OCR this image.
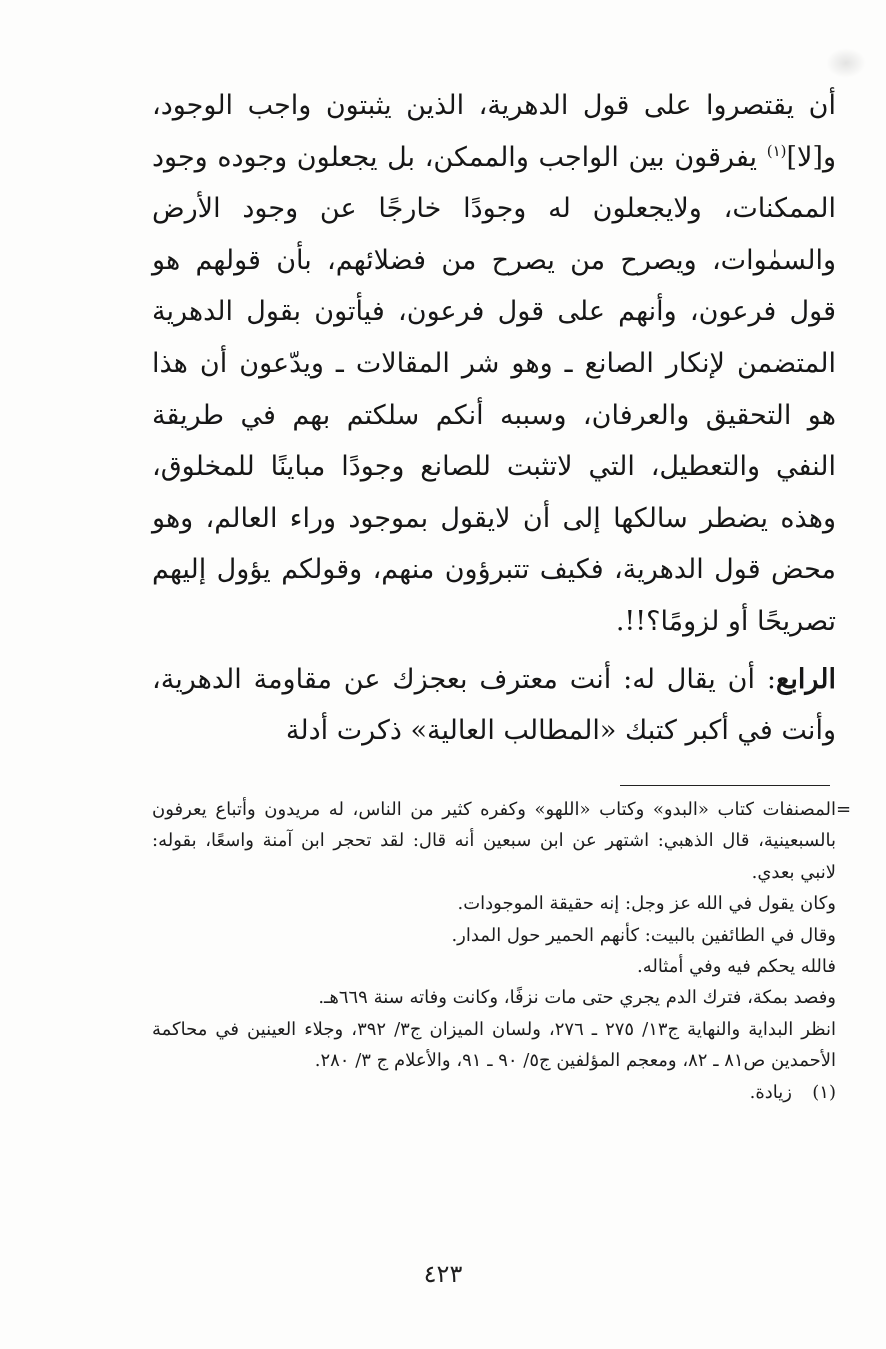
أن يقتصروا على قول الدهرية، الذين يثبتون واجب الوجود، و[لا]$^{(١)}$ يفرقون بين الواجب والممكن، بل يجعلون وجوده وجود الممكنات، ولايجعلون له وجودًا خارجًا عن وجود الأرض والسمٰوات، ويصرح من يصرح من فضلائهم، بأن قولهم هو قول فرعون، وأنهم على قول فرعون، فيأتون بقول الدهرية المتضمن لإنكار الصانع ـ وهو شر المقالات ـ ويدّعون أن هذا هو التحقيق والعرفان، وسببه أنكم سلكتم بهم في طريقة النفي والتعطيل، التي لاتثبت للصانع وجودًا مباينًا للمخلوق، وهذه يضطر سالكها إلى أن لايقول بموجود وراء العالم، وهو محض قول الدهرية، فكيف تتبرؤون منهم، وقولكم يؤول إليهم تصريحًا أو لزومًا؟!!.

الرابع: أن يقال له: أنت معترف بعجزك عن مقاومة الدهرية، وأنت في أكبر كتبك «المطالب العالية» ذكرت أدلة

=

المصنفات كتاب «البدو» وكتاب «اللهو» وكفره كثير من الناس، له مريدون وأتباع يعرفون بالسبعينية، قال الذهبي: اشتهر عن ابن سبعين أنه قال: لقد تحجر ابن آمنة واسعًا، بقوله: لانبي بعدي.

وكان يقول في الله عز وجل: إنه حقيقة الموجودات.

وقال في الطائفين بالبيت: كأنهم الحمير حول المدار.

فالله يحكم فيه وفي أمثاله.

وفصد بمكة، فترك الدم يجري حتى مات نزفًا، وكانت وفاته سنة ٦٦٩هـ.

انظر البداية والنهاية ج١٣/ ٢٧٥ ـ ٢٧٦، ولسان الميزان ج٣/ ٣٩٢، وجلاء العينين في محاكمة الأحمدين ص٨١ ـ ٨٢، ومعجم المؤلفين ج٥/ ٩٠ ـ ٩١، والأعلام ج ٣/ ٢٨٠.

(١)زيادة.

٤٢٣
